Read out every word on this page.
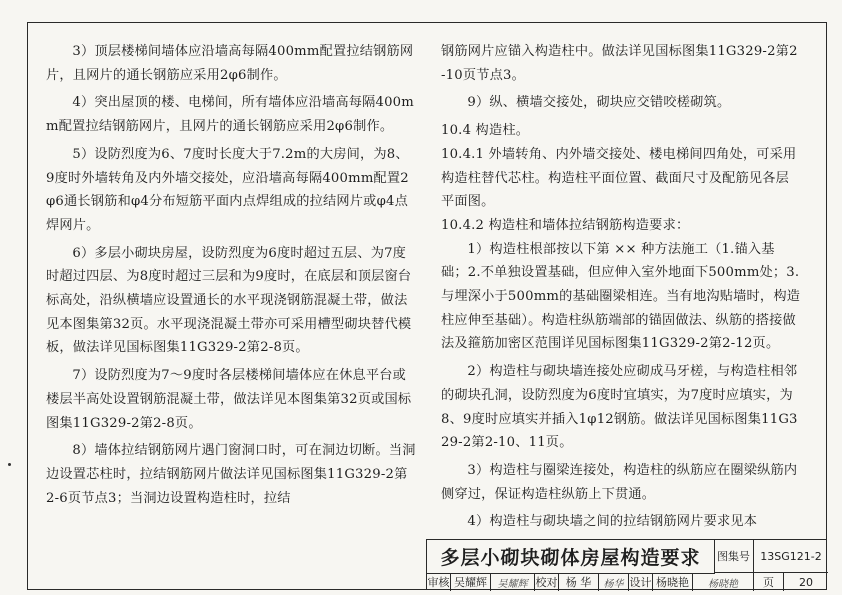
3）顶层楼梯间墙体应沿墙高每隔400mm配置拉结钢筋网片，且网片的通长钢筋应采用2φ6制作。

4）突出屋顶的楼、电梯间，所有墙体应沿墙高每隔400mm配置拉结钢筋网片，且网片的通长钢筋应采用2φ6制作。

5）设防烈度为6、7度时长度大于7.2m的大房间，为8、9度时外墙转角及内外墙交接处，应沿墙高每隔400mm配置2φ6通长钢筋和φ4分布短筋平面内点焊组成的拉结网片或φ4点焊网片。

6）多层小砌块房屋，设防烈度为6度时超过五层、为7度时超过四层、为8度时超过三层和为9度时，在底层和顶层窗台标高处，沿纵横墙应设置通长的水平现浇钢筋混凝土带，做法见本图集第32页。水平现浇混凝土带亦可采用槽型砌块替代模板，做法详见国标图集11G329-2第2-8页。

7）设防烈度为7～9度时各层楼梯间墙体应在休息平台或楼层半高处设置钢筋混凝土带，做法详见本图集第32页或国标图集11G329-2第2-8页。

8）墙体拉结钢筋网片遇门窗洞口时，可在洞边切断。当洞边设置芯柱时，拉结钢筋网片做法详见国标图集11G329-2第2-6页节点3；当洞边设置构造柱时，拉结

钢筋网片应锚入构造柱中。做法详见国标图集11G329-2第2-10页节点3。

9）纵、横墙交接处，砌块应交错咬槎砌筑。

10.4 构造柱。

10.4.1 外墙转角、内外墙交接处、楼电梯间四角处，可采用构造柱替代芯柱。构造柱平面位置、截面尺寸及配筋见各层平面图。

10.4.2 构造柱和墙体拉结钢筋构造要求：

1）构造柱根部按以下第 ×× 种方法施工（1.锚入基础；2.不单独设置基础，但应伸入室外地面下500mm处；3.与埋深小于500mm的基础圈梁相连。当有地沟贴墙时，构造柱应伸至基础）。构造柱纵筋端部的锚固做法、纵筋的搭接做法及箍筋加密区范围详见国标图集11G329-2第2-12页。

2）构造柱与砌块墙连接处应砌成马牙槎，与构造柱相邻的砌块孔洞，设防烈度为6度时宜填实，为7度时应填实，为8、9度时应填实并插入1φ12钢筋。做法详见国标图集11G329-2第2-10、11页。

3）构造柱与圈梁连接处，构造柱的纵筋应在圈梁纵筋内侧穿过，保证构造柱纵筋上下贯通。

4）构造柱与砌块墙之间的拉结钢筋网片要求见本

多层小砌块砌体房屋构造要求	图集号 13SG121-2
审核 吴耀辉	吴耀辉 校对 杨 华	杨华 设计 杨晓艳	杨晓艳	页	20
